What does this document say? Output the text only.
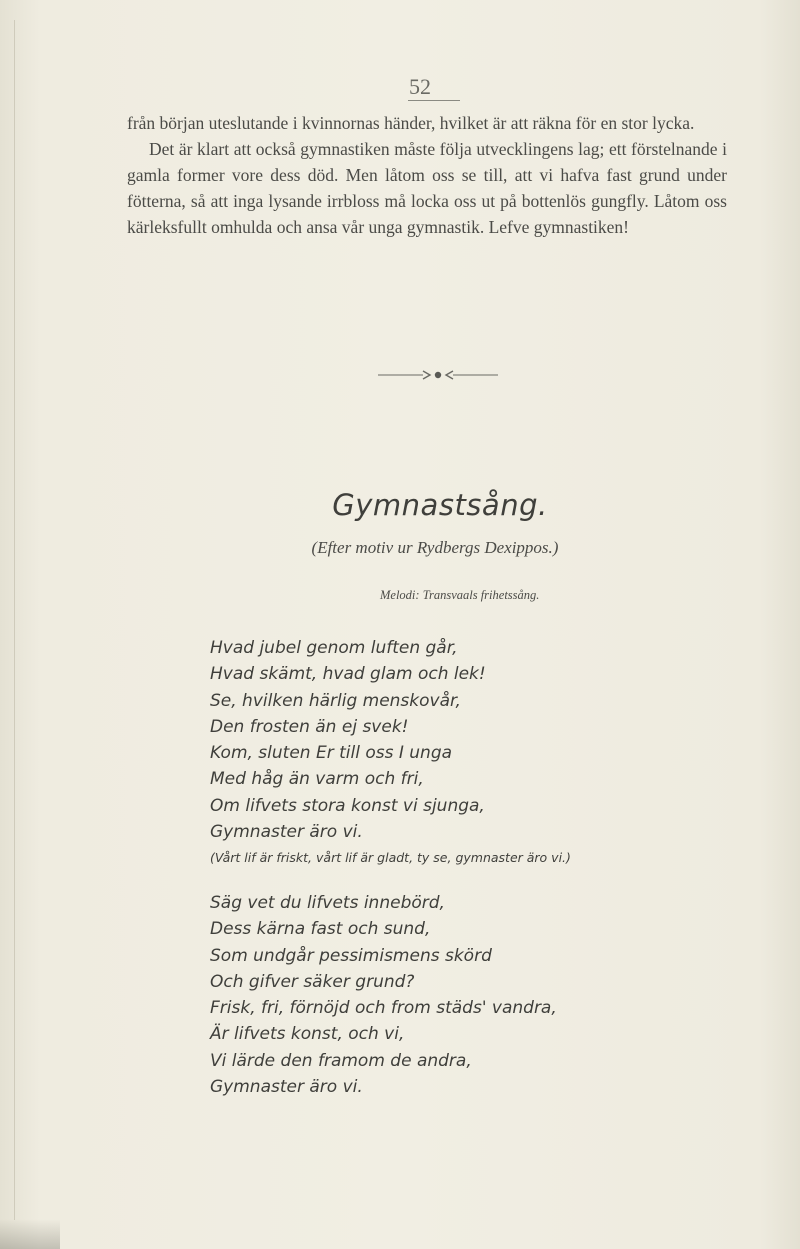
52

från början uteslutande i kvinnornas händer, hvilket är att räkna för en stor lycka.

Det är klart att också gymnastiken måste följa utvecklingens lag; ett förstelnande i gamla former vore dess död. Men låtom oss se till, att vi hafva fast grund under fötterna, så att inga lysande irrbloss må locka oss ut på bottenlös gungfly. Låtom oss kärleksfullt omhulda och ansa vår unga gymnastik. Lefve gymnastiken!

Gymnastsång.
(Efter motiv ur Rydbergs Dexippos.)
Melodi: Transvaals frihetssång.
Hvad jubel genom luften går,
Hvad skämt, hvad glam och lek!
Se, hvilken härlig menskovår,
Den frosten än ej svek!
Kom, sluten Er till oss I unga
Med håg än varm och fri,
Om lifvets stora konst vi sjunga,
Gymnaster äro vi.
(Vårt lif är friskt, vårt lif är gladt, ty se, gymnaster äro vi.)
Säg vet du lifvets innebörd,
Dess kärna fast och sund,
Som undgår pessimismens skörd
Och gifver säker grund?
Frisk, fri, förnöjd och from städs' vandra,
Är lifvets konst, och vi,
Vi lärde den framom de andra,
Gymnaster äro vi.
